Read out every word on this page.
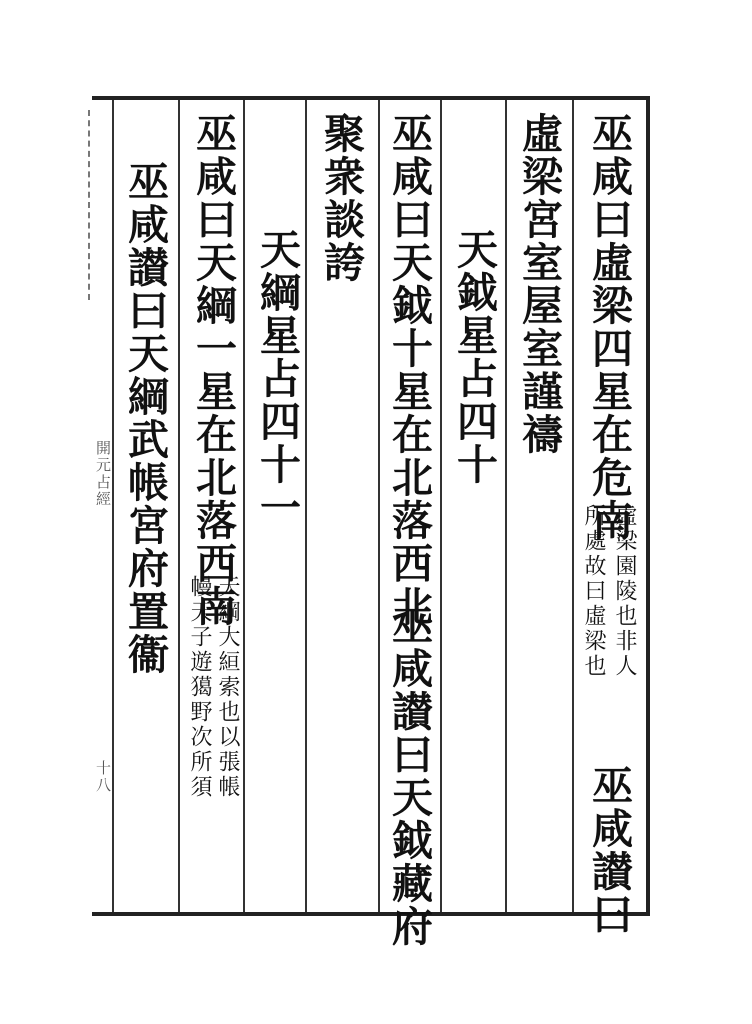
巫咸曰虛梁四星在危南
虛梁園陵也非人
所處故曰虛梁也
巫咸讃曰
虛梁宮室屋室謹禱
天鉞星占四十
巫咸曰天鉞十星在北落西北
巫咸讃曰天鉞藏府
聚衆談誇
天綱星占四十一
巫咸曰天綱一星在北落西南
天綱大絙索也以張帳
幔天子遊獦野次所須
巫咸讃曰天綱武帳宮府置衞
開元占經
十八
